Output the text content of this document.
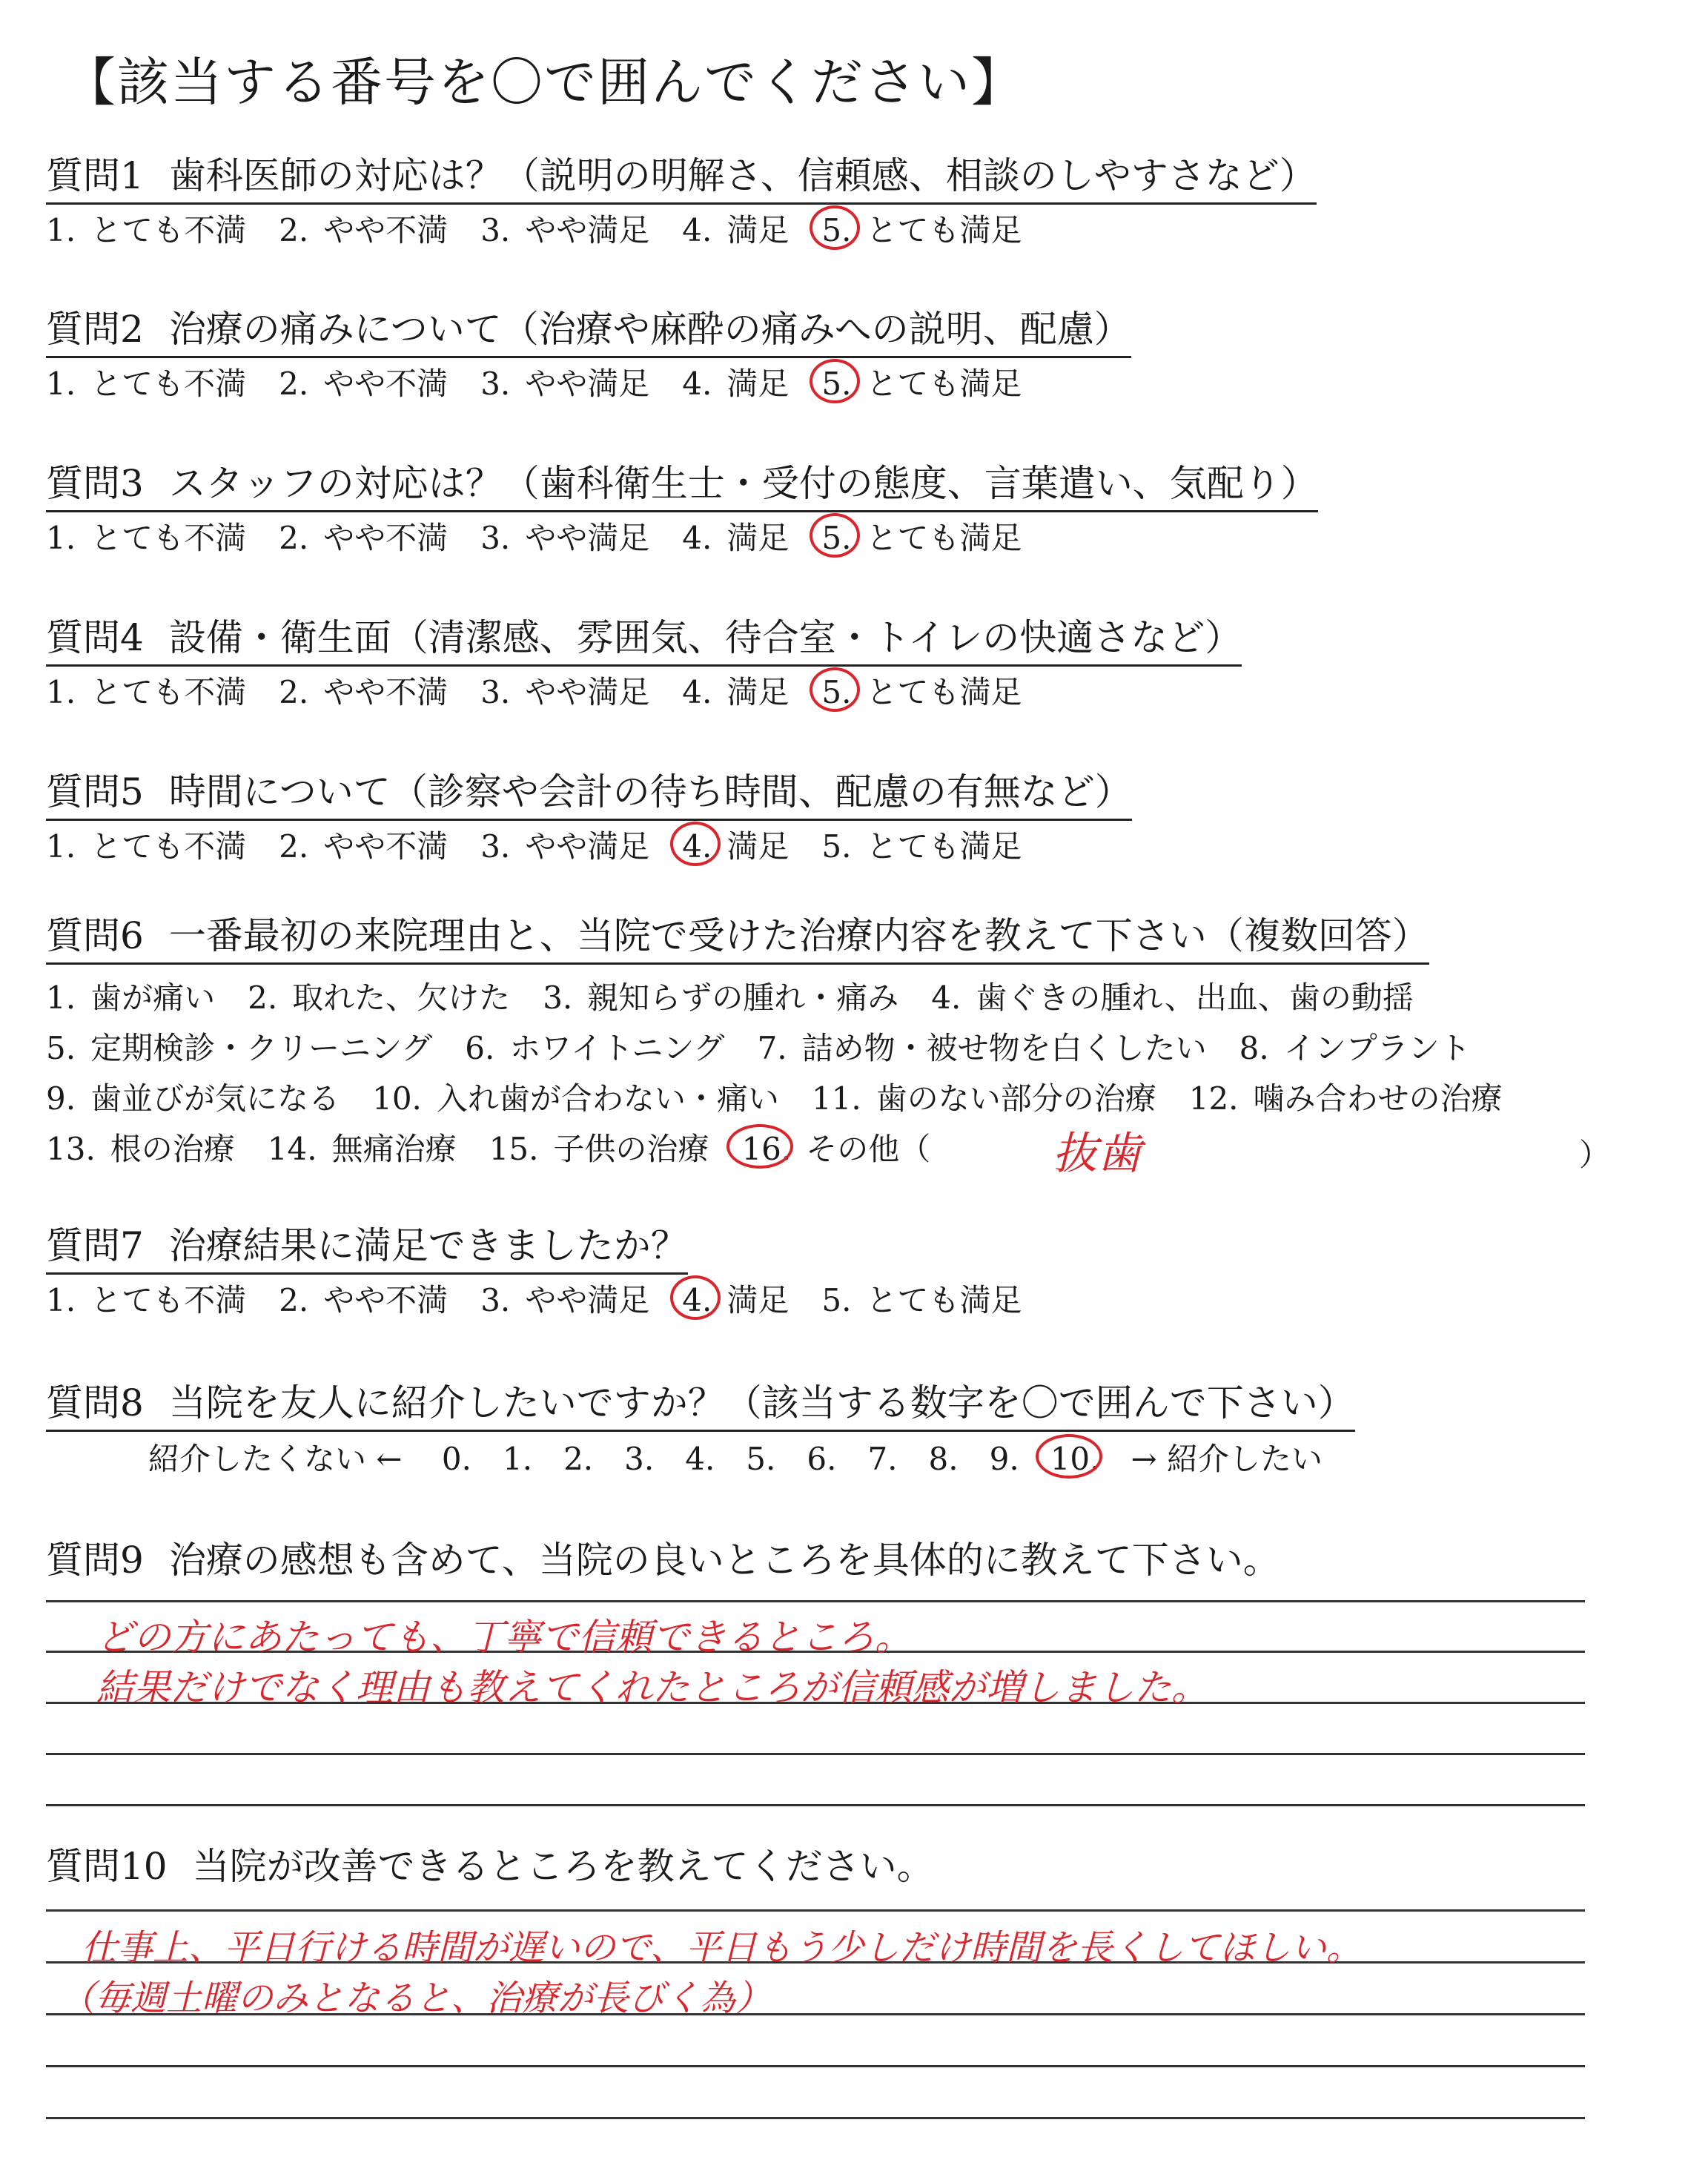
【該当する番号を〇で囲んでください】
質問1 歯科医師の対応は？（説明の明解さ、信頼感、相談のしやすさなど）
1. とても不満 2. やや不満 3. やや満足 4. 満足 5. とても満足
質問2 治療の痛みについて（治療や麻酔の痛みへの説明、配慮）
1. とても不満 2. やや不満 3. やや満足 4. 満足 5. とても満足
質問3 スタッフの対応は？（歯科衛生士・受付の態度、言葉遣い、気配り）
1. とても不満 2. やや不満 3. やや満足 4. 満足 5. とても満足
質問4 設備・衛生面（清潔感、雰囲気、待合室・トイレの快適さなど）
1. とても不満 2. やや不満 3. やや満足 4. 満足 5. とても満足
質問5 時間について（診察や会計の待ち時間、配慮の有無など）
1. とても不満 2. やや不満 3. やや満足 4. 満足 5. とても満足
質問7 治療結果に満足できましたか？
1. とても不満 2. やや不満 3. やや満足 4. 満足 5. とても満足
質問6 一番最初の来院理由と、当院で受けた治療内容を教えて下さい（複数回答）
1. 歯が痛い 2. 取れた、欠けた 3. 親知らずの腫れ・痛み 4. 歯ぐきの腫れ、出血、歯の動揺
5. 定期検診・クリーニング 6. ホワイトニング 7. 詰め物・被せ物を白くしたい 8. インプラント
9. 歯並びが気になる 10. 入れ歯が合わない・痛い 11. 歯のない部分の治療 12. 噛み合わせの治療
13. 根の治療 14. 無痛治療 15. 子供の治療 16. その他（	抜歯	）
質問8 当院を友人に紹介したいですか？（該当する数字を〇で囲んで下さい）
紹介したくない ← 0. 1. 2. 3. 4. 5. 6. 7. 8. 9. 10. → 紹介したい
質問9 治療の感想も含めて、当院の良いところを具体的に教えて下さい。
どの方にあたっても、丁寧で信頼できるところ。
結果だけでなく理由も教えてくれたところが信頼感が増しました。
質問10 当院が改善できるところを教えてください。
仕事上、平日行ける時間が遅いので、平日もう少しだけ時間を長くしてほしい。
（毎週土曜のみとなると、治療が長びく為）
